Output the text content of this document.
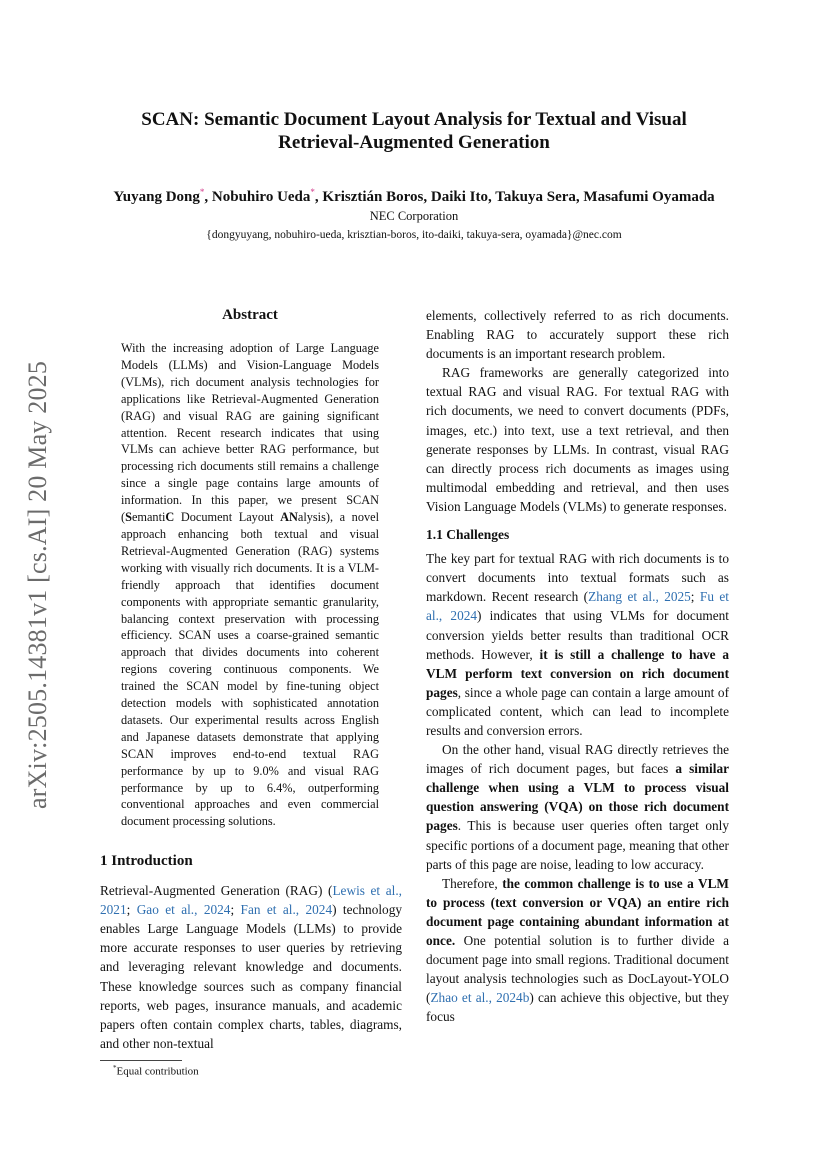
arXiv:2505.14381v1 [cs.AI] 20 May 2025
SCAN: Semantic Document Layout Analysis for Textual and Visual
Retrieval-Augmented Generation
Yuyang Dong*, Nobuhiro Ueda*, Krisztián Boros, Daiki Ito, Takuya Sera, Masafumi Oyamada
NEC Corporation
{dongyuyang, nobuhiro-ueda, krisztian-boros, ito-daiki, takuya-sera, oyamada}@nec.com
Abstract
With the increasing adoption of Large Language Models (LLMs) and Vision-Language Models (VLMs), rich document analysis technologies for applications like Retrieval-Augmented Generation (RAG) and visual RAG are gaining significant attention. Recent research indicates that using VLMs can achieve better RAG performance, but processing rich documents still remains a challenge since a single page contains large amounts of information. In this paper, we present SCAN (SemantiC Document Layout ANalysis), a novel approach enhancing both textual and visual Retrieval-Augmented Generation (RAG) systems working with visually rich documents. It is a VLM-friendly approach that identifies document components with appropriate semantic granularity, balancing context preservation with processing efficiency. SCAN uses a coarse-grained semantic approach that divides documents into coherent regions covering continuous components. We trained the SCAN model by fine-tuning object detection models with sophisticated annotation datasets. Our experimental results across English and Japanese datasets demonstrate that applying SCAN improves end-to-end textual RAG performance by up to 9.0% and visual RAG performance by up to 6.4%, outperforming conventional approaches and even commercial document processing solutions.
1 Introduction

Retrieval-Augmented Generation (RAG) (Lewis et al., 2021; Gao et al., 2024; Fan et al., 2024) technology enables Large Language Models (LLMs) to provide more accurate responses to user queries by retrieving and leveraging relevant knowledge and documents. These knowledge sources such as company financial reports, web pages, insurance manuals, and academic papers often contain complex charts, tables, diagrams, and other non-textual

elements, collectively referred to as rich documents. Enabling RAG to accurately support these rich documents is an important research problem.

RAG frameworks are generally categorized into textual RAG and visual RAG. For textual RAG with rich documents, we need to convert documents (PDFs, images, etc.) into text, use a text retrieval, and then generate responses by LLMs. In contrast, visual RAG can directly process rich documents as images using multimodal embedding and retrieval, and then uses Vision Language Models (VLMs) to generate responses.

1.1 Challenges

The key part for textual RAG with rich documents is to convert documents into textual formats such as markdown. Recent research (Zhang et al., 2025; Fu et al., 2024) indicates that using VLMs for document conversion yields better results than traditional OCR methods. However, it is still a challenge to have a VLM perform text conversion on rich document pages, since a whole page can contain a large amount of complicated content, which can lead to incomplete results and conversion errors.

On the other hand, visual RAG directly retrieves the images of rich document pages, but faces a similar challenge when using a VLM to process visual question answering (VQA) on those rich document pages. This is because user queries often target only specific portions of a document page, meaning that other parts of this page are noise, leading to low accuracy.

Therefore, the common challenge is to use a VLM to process (text conversion or VQA) an entire rich document page containing abundant information at once. One potential solution is to further divide a document page into small regions. Traditional document layout analysis technologies such as DocLayout-YOLO (Zhao et al., 2024b) can achieve this objective, but they focus

*Equal contribution
